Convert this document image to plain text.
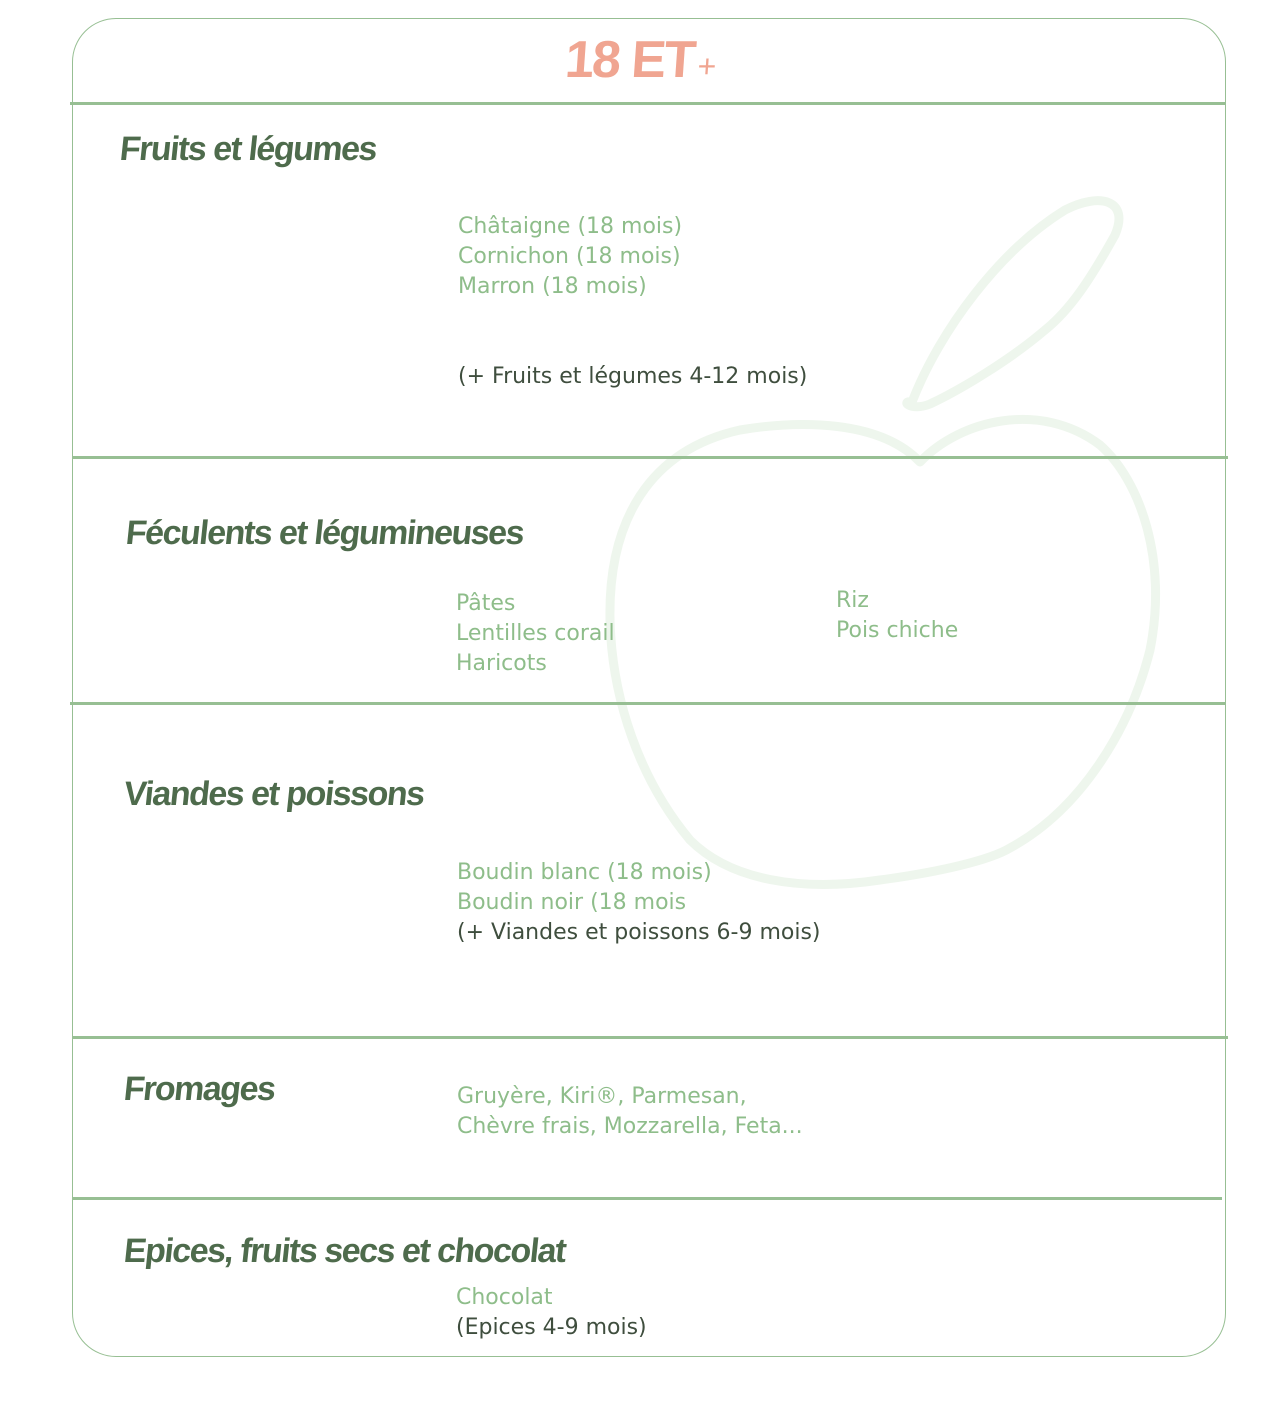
18 ET+
Fruits et légumes
Châtaigne (18 mois)
Cornichon (18 mois)
Marron (18 mois)
(+ Fruits et légumes 4-12 mois)
Féculents et légumineuses
Pâtes
Lentilles corail
Haricots
Riz
Pois chiche
Viandes et poissons
Boudin blanc (18 mois)
Boudin noir (18 mois
(+ Viandes et poissons 6-9 mois)
Fromages	Gruyère, Kiri®, Parmesan,
Chèvre frais, Mozzarella, Feta...
Epices, fruits secs et chocolat
Chocolat
(Epices 4-9 mois)
